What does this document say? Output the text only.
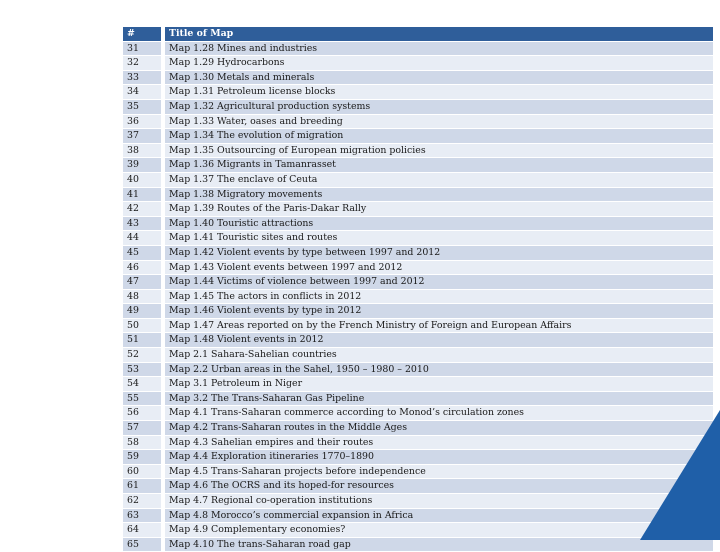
#		Title of Map
31		Map 1.28 Mines and industries
32		Map 1.29 Hydrocarbons
33		Map 1.30 Metals and minerals
34		Map 1.31 Petroleum license blocks
35		Map 1.32 Agricultural production systems
36		Map 1.33 Water, oases and breeding
37		Map 1.34 The evolution of migration
38		Map 1.35 Outsourcing of European migration policies
39		Map 1.36 Migrants in Tamanrasset
40		Map 1.37 The enclave of Ceuta
41		Map 1.38 Migratory movements
42		Map 1.39 Routes of the Paris-Dakar Rally
43		Map 1.40 Touristic attractions
44		Map 1.41 Touristic sites and routes
45		Map 1.42 Violent events by type between 1997 and 2012
46		Map 1.43 Violent events between 1997 and 2012
47		Map 1.44 Victims of violence between 1997 and 2012
48		Map 1.45 The actors in conflicts in 2012
49		Map 1.46 Violent events by type in 2012
50		Map 1.47 Areas reported on by the French Ministry of Foreign and European Affairs
51		Map 1.48 Violent events in 2012
52		Map 2.1 Sahara-Sahelian countries
53		Map 2.2 Urban areas in the Sahel, 1950 – 1980 – 2010
54		Map 3.1 Petroleum in Niger
55		Map 3.2 The Trans-Saharan Gas Pipeline
56		Map 4.1 Trans-Saharan commerce according to Monod’s circulation zones
57		Map 4.2 Trans-Saharan routes in the Middle Ages
58		Map 4.3 Sahelian empires and their routes
59		Map 4.4 Exploration itineraries 1770–1890
60		Map 4.5 Trans-Saharan projects before independence
61		Map 4.6 The OCRS and its hoped-for resources
62		Map 4.7 Regional co-operation institutions
63		Map 4.8 Morocco’s commercial expansion in Africa
64		Map 4.9 Complementary economies?
65		Map 4.10 The trans-Saharan road gap
